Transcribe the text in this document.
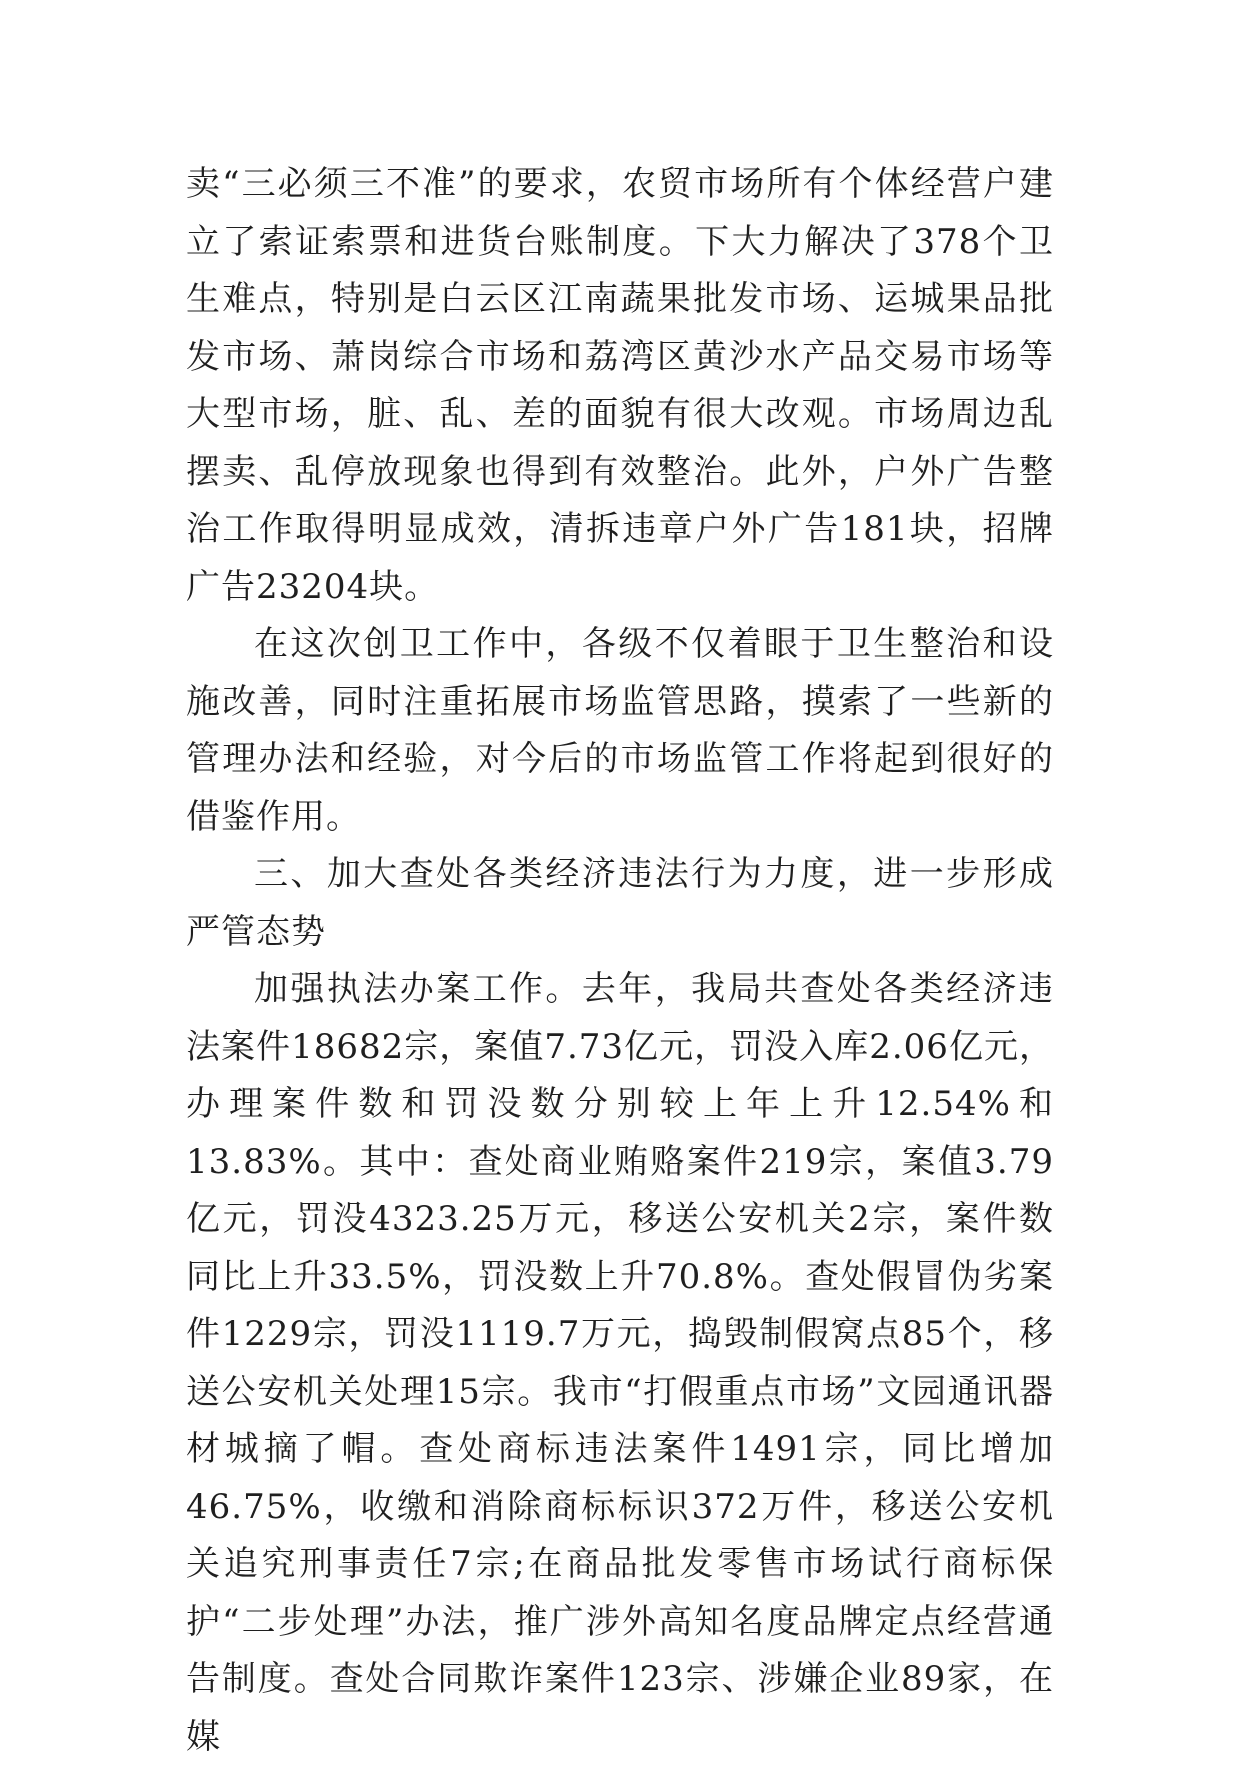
卖“三必须三不准”的要求，农贸市场所有个体经营户建立了索证索票和进货台账制度。下大力解决了378个卫生难点，特别是白云区江南蔬果批发市场、运城果品批发市场、萧岗综合市场和荔湾区黄沙水产品交易市场等大型市场，脏、乱、差的面貌有很大改观。市场周边乱摆卖、乱停放现象也得到有效整治。此外，户外广告整治工作取得明显成效，清拆违章户外广告181块，招牌广告23204块。

在这次创卫工作中，各级不仅着眼于卫生整治和设施改善，同时注重拓展市场监管思路，摸索了一些新的管理办法和经验，对今后的市场监管工作将起到很好的借鉴作用。

三、加大查处各类经济违法行为力度，进一步形成严管态势

加强执法办案工作。去年，我局共查处各类经济违法案件18682宗，案值7.73亿元，罚没入库2.06亿元，办理案件数和罚没数分别较上年上升12.54%和13.83%。其中：查处商业贿赂案件219宗，案值3.79亿元，罚没4323.25万元，移送公安机关2宗，案件数同比上升33.5%，罚没数上升70.8%。查处假冒伪劣案件1229宗，罚没1119.7万元，捣毁制假窝点85个，移送公安机关处理15宗。我市“打假重点市场”文园通讯器材城摘了帽。查处商标违法案件1491宗，同比增加46.75%，收缴和消除商标标识372万件，移送公安机关追究刑事责任7宗;在商品批发零售市场试行商标保护“二步处理”办法，推广涉外高知名度品牌定点经营通告制度。查处合同欺诈案件123宗、涉嫌企业89家，在媒
